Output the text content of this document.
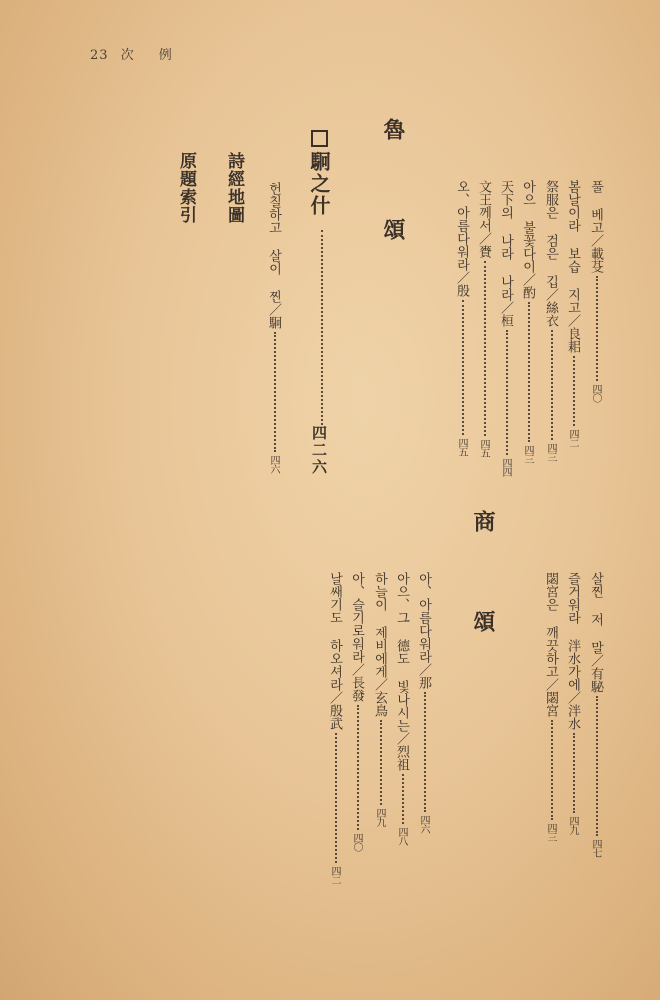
23 次　例
魯　頌	풀 베고／載芟四〇
봄날이라 보습 지고／良耜四二
祭服은 검은 깁／絲衣四三
아으 불꽃다이／酌四三
天下의 나라 나라／桓四四
文王께서／賚四五
오、아름다워라／殷四五
駉之什
四二六
헌칠하고 살이 찐／駉四六
詩經地圖
原題索引
商　頌	살찐 저 말／有駜四七
즐거워라 泮水가에／泮水四九
閟宮은 깨끗하고／閟宮四三
아、아름다워라／那四六
아으、그 德도 빛나시는／烈祖四八
하늘이 제비에게／玄鳥四九
아、슬기로워라／長發四〇
날쌔기도 하오셔라／殷武四二
